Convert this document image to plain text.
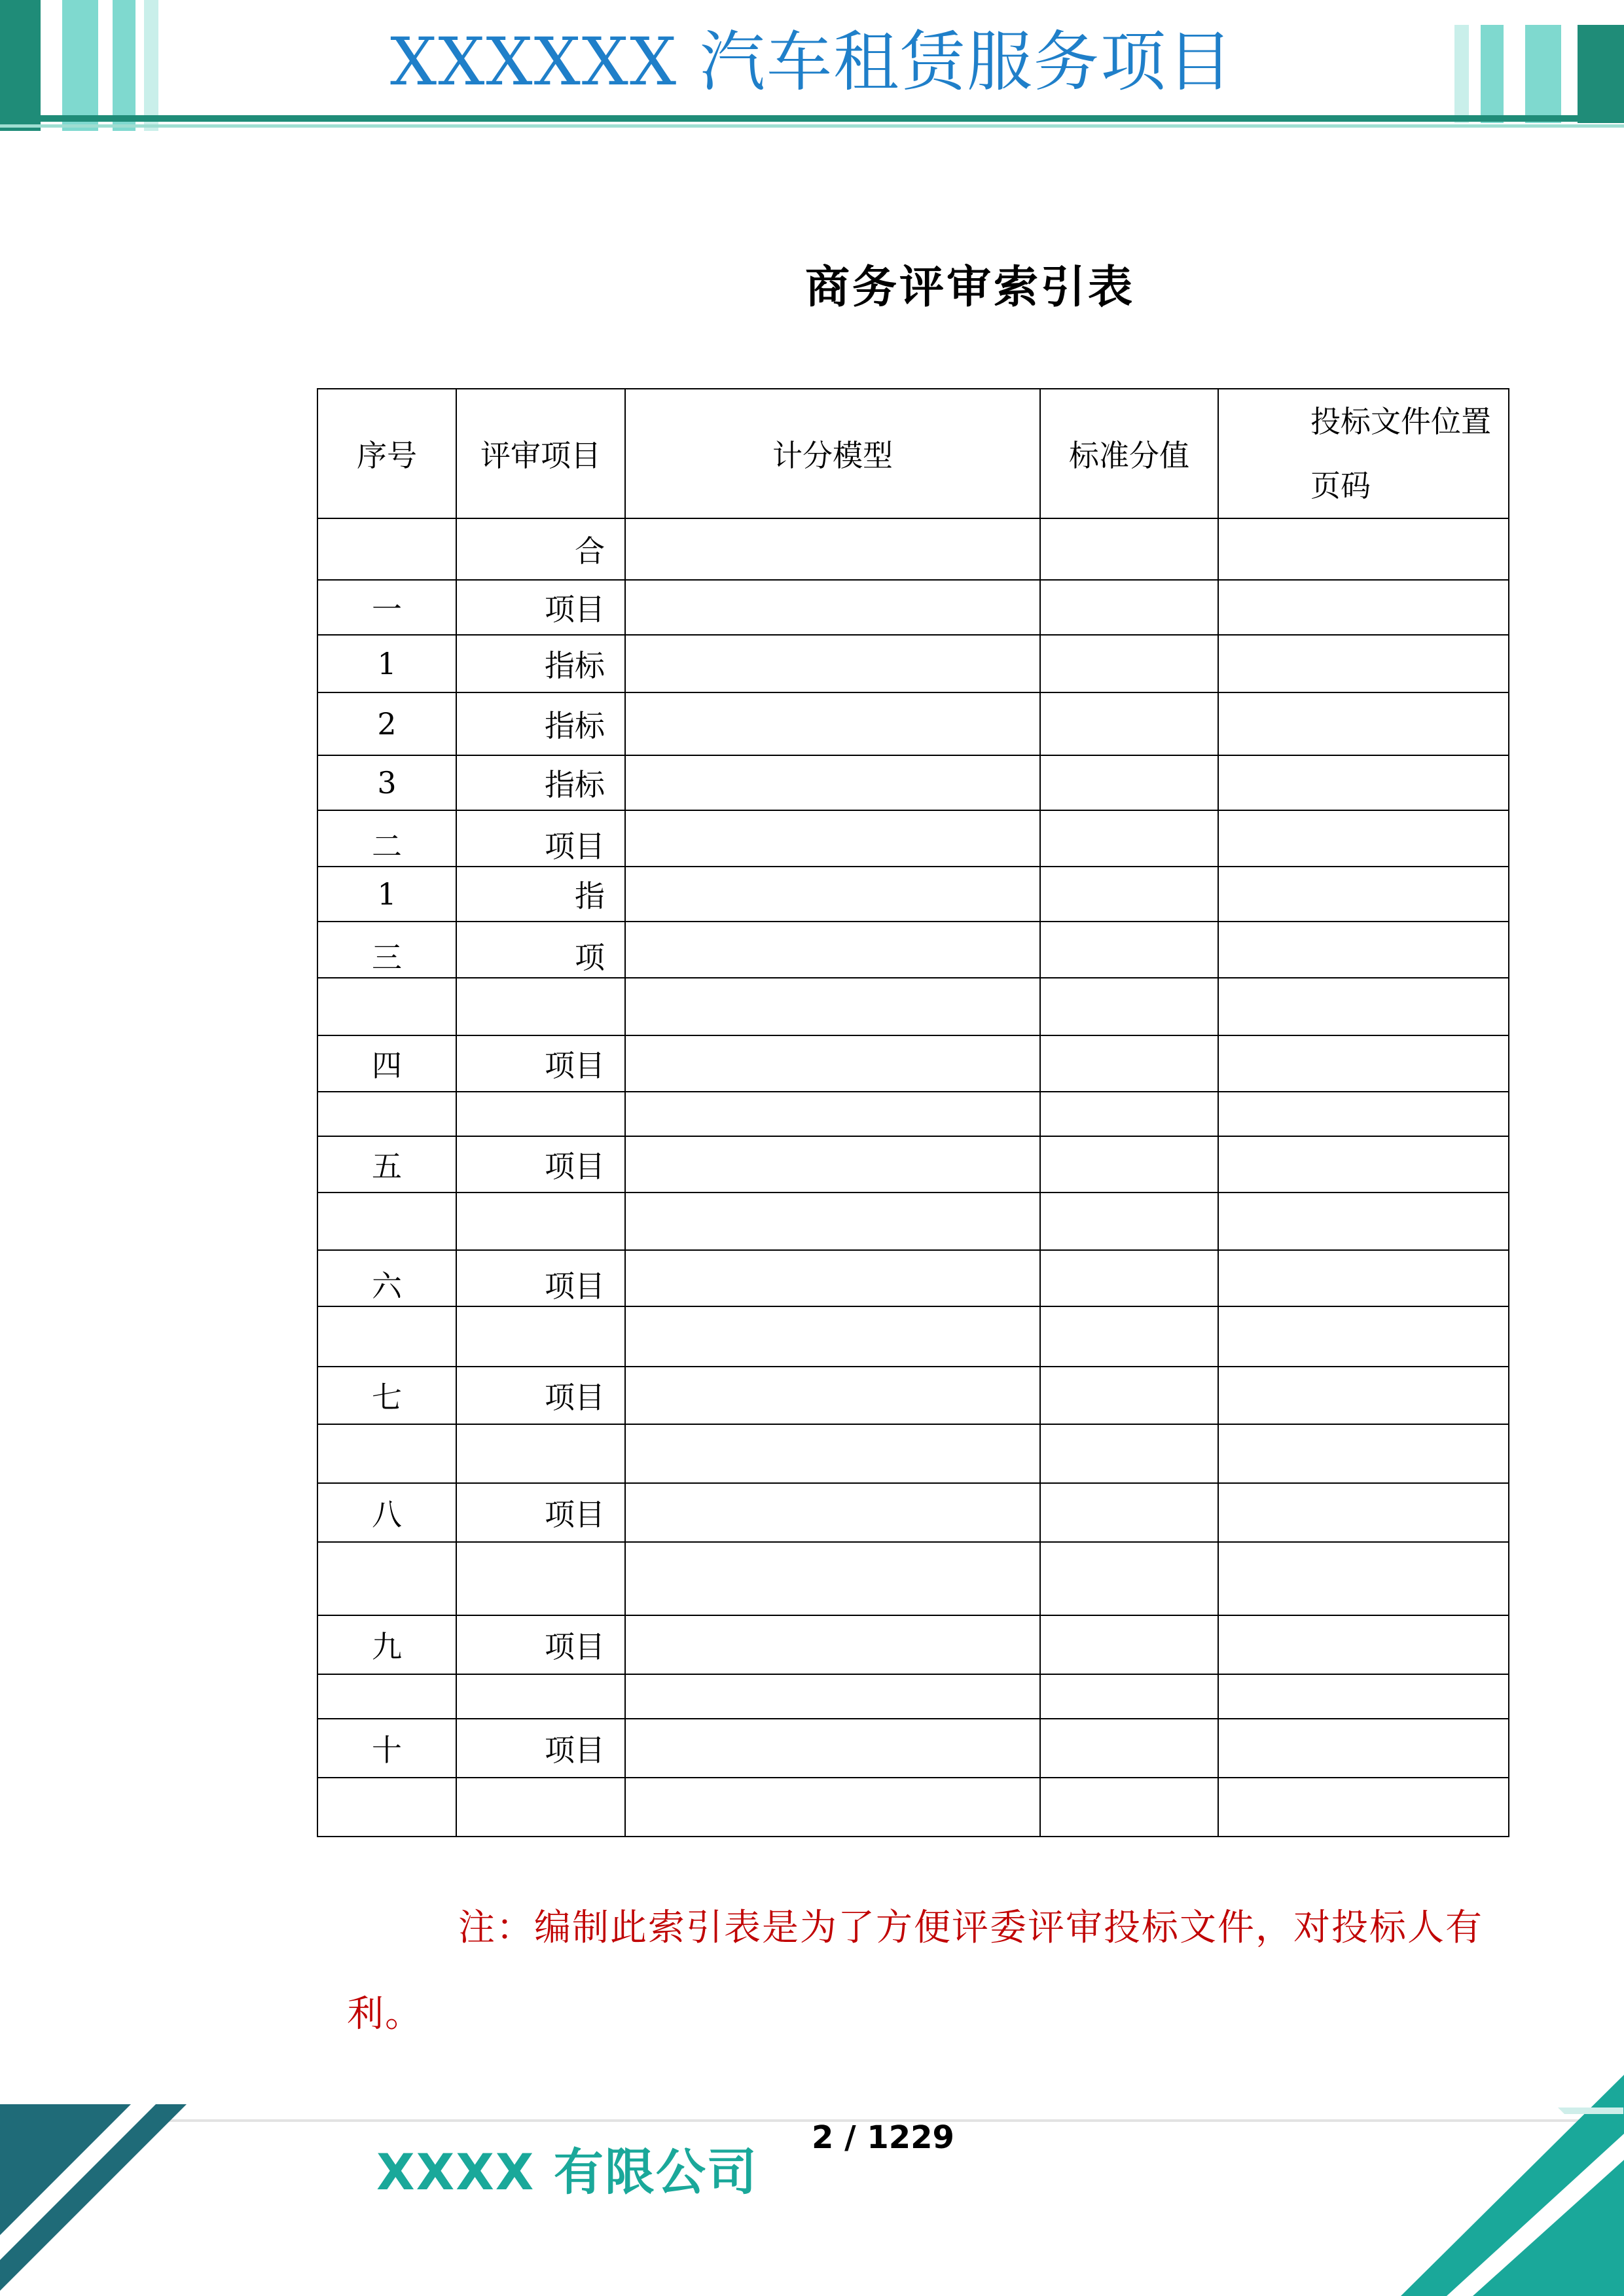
XXXXXX 汽车租赁服务项目
商务评审索引表
序号	评审项目	计分模型	标准分值	投标文件位置页码
	合			
一	项目			
1	指标			
2	指标			
3	指标			
二	项目			
1	指			
三	项			

四	项目			

五	项目			

六	项目			

七	项目			

八	项目			

九	项目			

十	项目			

注：编制此索引表是为了方便评委评审投标文件，对投标人有利。
2 / 1229
XXXX 有限公司
